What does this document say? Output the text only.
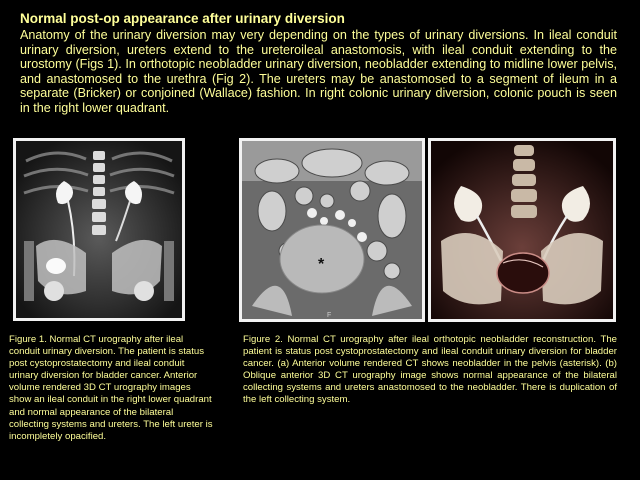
Normal post-op appearance after urinary diversion
Anatomy of the urinary diversion may very depending on the types of urinary diversions. In ileal conduit urinary diversion, ureters extend to the ureteroileal anastomosis, with ileal conduit extending to the urostomy (Figs 1). In orthotopic neobladder urinary diversion, neobladder extending to midline lower pelvis, and anastomosed to the urethra (Fig 2). The ureters may be anastomosed to a segment of ileum in a separate (Bricker) or conjoined (Wallace) fashion. In right colonic urinary diversion, colonic pouch is seen in the right lower quadrant.
*
F
Figure 1. Normal CT urography after ileal conduit urinary diversion. The patient is status post cystoprostatectomy and ileal conduit urinary diversion for bladder cancer. Anterior volume rendered 3D CT urography images show an ileal conduit in the right lower quadrant and normal appearance of the bilateral collecting systems and ureters. The left ureter is incompletely opacified.
Figure 2. Normal CT urography after ileal orthotopic neobladder reconstruction. The patient is status post cystoprostatectomy and ileal conduit urinary diversion for bladder cancer. (a) Anterior volume rendered CT shows neobladder in the pelvis (asterisk). (b) Oblique anterior 3D CT urography image shows normal appearance of the bilateral collecting systems and ureters anastomosed to the neobladder. There is duplication of the left collecting system.
